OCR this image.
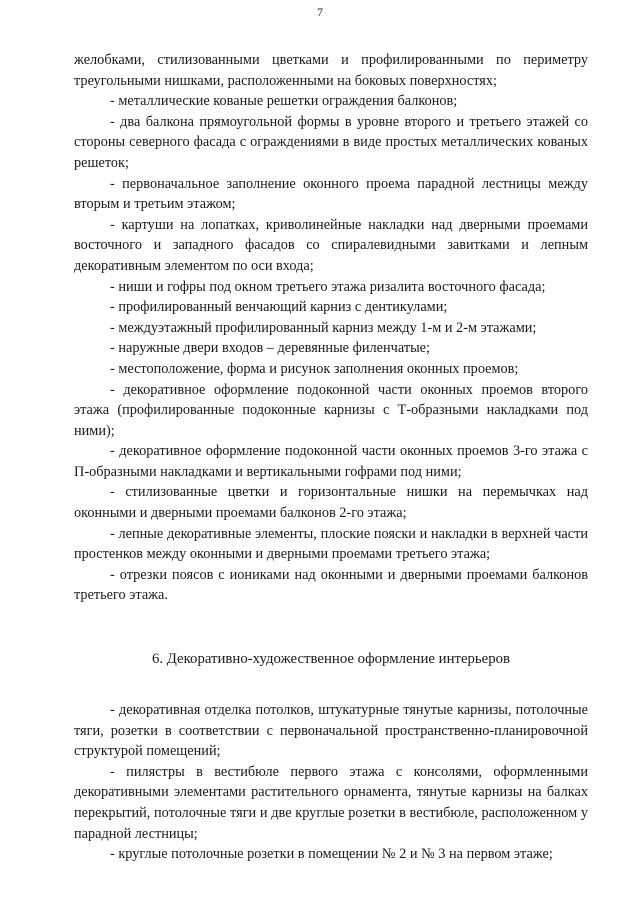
7

желобками, стилизованными цветками и профилированными по периметру треугольными нишками, расположенными на боковых поверхностях;

- металлические кованые решетки ограждения балконов;

- два балкона прямоугольной формы в уровне второго и третьего этажей со стороны северного фасада с ограждениями в виде простых металлических кованых решеток;

- первоначальное заполнение оконного проема парадной лестницы между вторым и третьим этажом;

- картуши на лопатках, криволинейные накладки над дверными проемами восточного и западного фасадов со спиралевидными завитками и лепным декоративным элементом по оси входа;

- ниши и гофры под окном третьего этажа ризалита восточного фасада;

- профилированный венчающий карниз с дентикулами;

- междуэтажный профилированный карниз между 1-м и 2-м этажами;

- наружные двери входов – деревянные филенчатые;

- местоположение, форма и рисунок заполнения оконных проемов;

- декоративное оформление подоконной части оконных проемов второго этажа (профилированные подоконные карнизы с Т-образными накладками под ними);

- декоративное оформление подоконной части оконных проемов 3-го этажа с П-образными накладками и вертикальными гофрами под ними;

- стилизованные цветки и горизонтальные нишки на перемычках над оконными и дверными проемами балконов 2-го этажа;

- лепные декоративные элементы, плоские пояски и накладки в верхней части простенков между оконными и дверными проемами третьего этажа;

- отрезки поясов с иониками над оконными и дверными проемами балконов третьего этажа.

6. Декоративно-художественное оформление интерьеров

- декоративная отделка потолков, штукатурные тянутые карнизы, потолочные тяги, розетки в соответствии с первоначальной пространственно-планировочной структурой помещений;

- пилястры в вестибюле первого этажа с консолями, оформленными декоративными элементами растительного орнамента, тянутые карнизы на балках перекрытий, потолочные тяги и две круглые розетки в вестибюле, расположенном у парадной лестницы;

- круглые потолочные розетки в помещении № 2 и № 3 на первом этаже;
